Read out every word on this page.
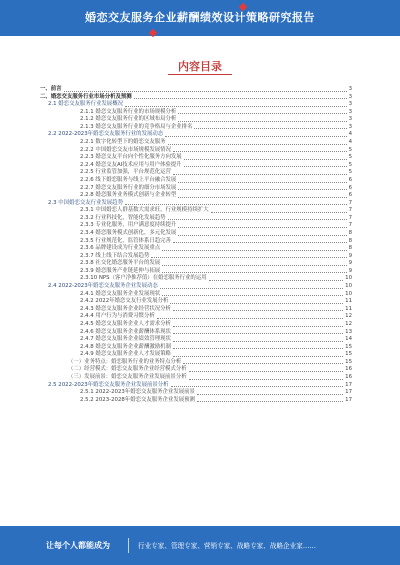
婚恋交友服务企业薪酬绩效设计策略研究报告
内容目录
一、前言	3
二、婚恋交友服务行业市场分析及预测	3
2.1 婚恋交友服务行业发展概况	3
2.1.1 婚恋交友服务行业的市场规模分析	3
2.1.2 婚恋交友服务行业的区域布局分析	3
2.1.3 婚恋交友服务行业的竞争格局与企业排名	3
2.2 2022-2023年婚恋交友服务行业的发展动态	4
2.2.1 数字化转型下的婚恋交友服务	4
2.2.2 中国婚恋交友市场规模发展情况	5
2.2.3 婚恋交友平台向个性化服务方向发展	5
2.2.4 婚恋交友AI技术应用与用户体验提升	5
2.2.5 行业监管加强，平台规范化运营	5
2.2.6 线下婚恋服务与线上平台融合发展	6
2.2.7 婚恋交友服务行业的细分市场发展	6
2.2.8 婚恋服务业务模式创新与企业转型	6
2.3 中国婚恋交友行业发展趋势	7
2.3.1 中国婚恋人群基数大需求旺，行业规模持续扩大	7
2.3.2 行业科技化，智能化发展趋势	7
2.3.3 专业化服务，用户满意度持续提升	7
2.3.4 婚恋服务模式创新化，多元化发展	8
2.3.5 行业规范化，监管体系日趋完善	8
2.3.6 品牌建设成为行业发展重点	8
2.3.7 线上线下结合发展趋势	9
2.3.8 社交化婚恋服务平台的发展	9
2.3.9 婚恋服务产业链延伸与拓展	9
2.3.10 NPS（客户净推荐值）在婚恋服务行业的运用	10
2.4 2022-2023年婚恋交友服务企业发展动态	10
2.4.1 婚恋交友服务企业发展现状	10
2.4.2 2022年婚恋交友行业发展分析	11
2.4.3 婚恋交友服务企业经营状况分析	11
2.4.4 用户行为与消费习惯分析	12
2.4.5 婚恋交友服务企业人才需求分析	12
2.4.6 婚恋交友服务企业薪酬体系现状	13
2.4.7 婚恋交友服务企业绩效管理现状	14
2.4.8 婚恋交友服务企业薪酬激励机制	15
2.4.9 婚恋交友服务企业人才发展策略	15
（一）业务特点：婚恋服务行业的业务特点分析	15
（二）经营模式：婚恋交友服务企业经营模式分析	16
（三）发展前景：婚恋交友服务企业发展前景分析	16
2.5 2022-2023年婚恋交友服务企业发展前景分析	17
2.5.1 2022-2023年婚恋交友服务企业发展前景	17
2.5.2 2023-2028年婚恋交友服务企业发展预测	17
让每个人都能成为	行业专家、管理专家、营销专家、战略专家、战略企业家……
